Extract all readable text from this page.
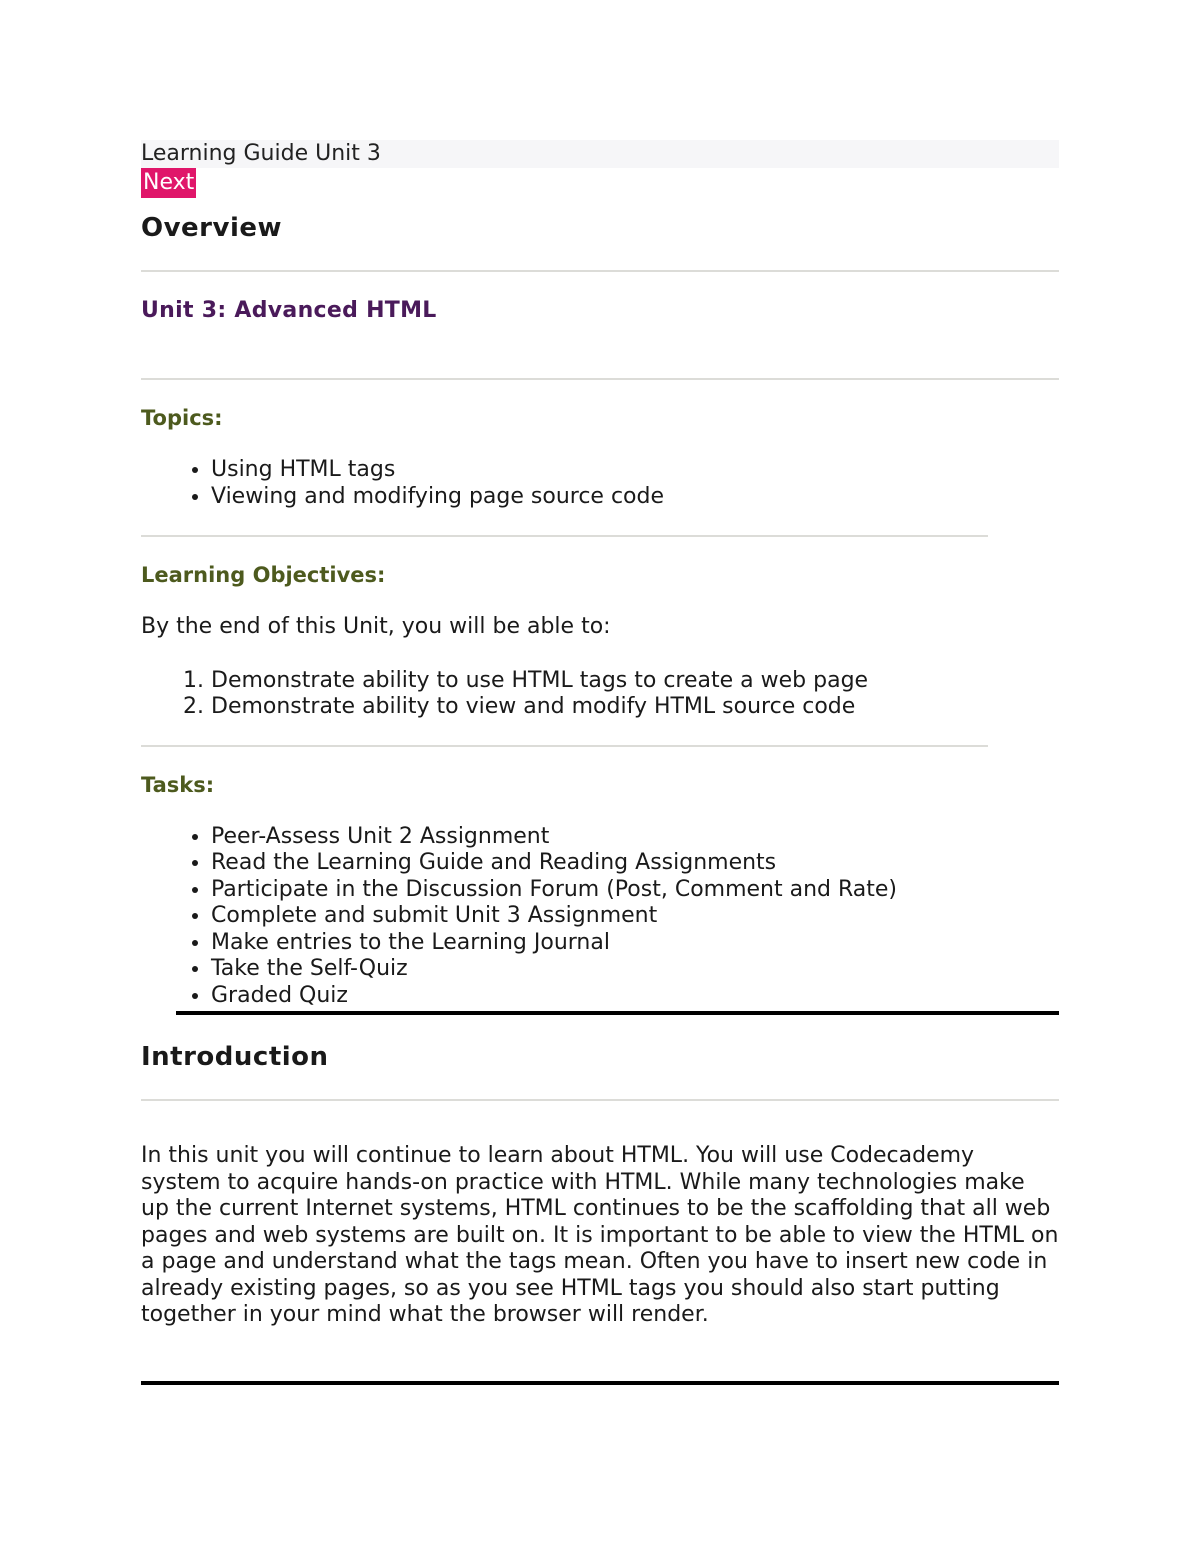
Learning Guide Unit 3
Next
Overview
Unit 3: Advanced HTML
Topics:
• Using HTML tags
• Viewing and modifying page source code
Learning Objectives:

By the end of this Unit, you will be able to:

1. Demonstrate ability to use HTML tags to create a web page
2. Demonstrate ability to view and modify HTML source code
Tasks:
• Peer-Assess Unit 2 Assignment
• Read the Learning Guide and Reading Assignments
• Participate in the Discussion Forum (Post, Comment and Rate)
• Complete and submit Unit 3 Assignment
• Make entries to the Learning Journal
• Take the Self-Quiz
• Graded Quiz
Introduction

In this unit you will continue to learn about HTML. You will use Codecademy system to acquire hands-on practice with HTML. While many technologies make up the current Internet systems, HTML continues to be the scaffolding that all web pages and web systems are built on. It is important to be able to view the HTML on a page and understand what the tags mean. Often you have to insert new code in already existing pages, so as you see HTML tags you should also start putting together in your mind what the browser will render.
